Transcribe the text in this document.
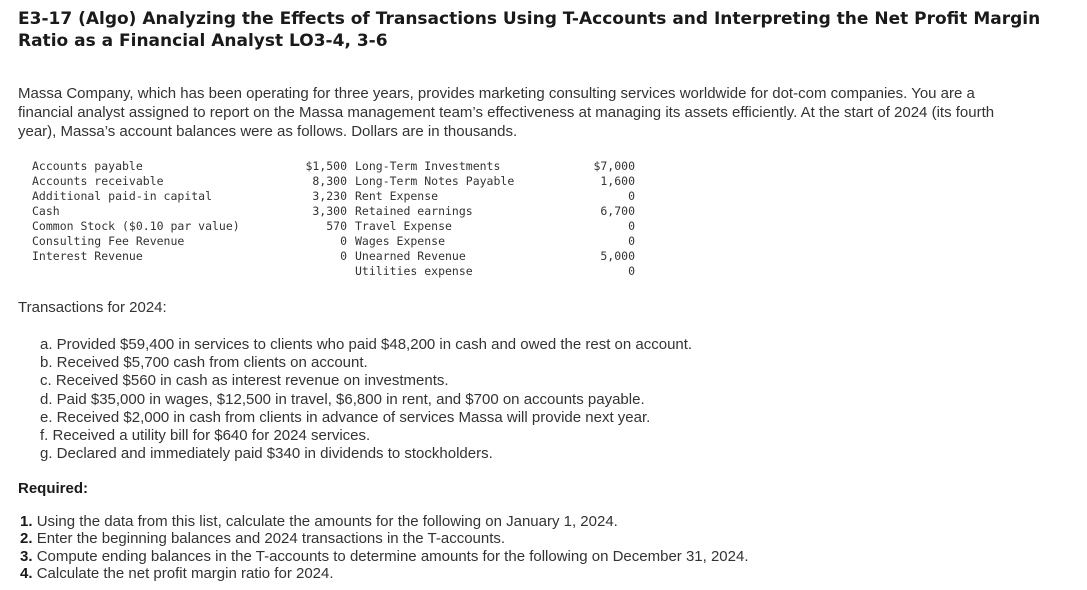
E3-17 (Algo) Analyzing the Effects of Transactions Using T-Accounts and Interpreting the Net Profit Margin Ratio as a Financial Analyst LO3-4, 3-6

Massa Company, which has been operating for three years, provides marketing consulting services worldwide for dot-com companies. You are a financial analyst assigned to report on the Massa management team’s effectiveness at managing its assets efficiently. At the start of 2024 (its fourth year), Massa’s account balances were as follows. Dollars are in thousands.

Accounts payable	$1,500	Long-Term Investments	$7,000
Accounts receivable	8,300	Long-Term Notes Payable	1,600
Additional paid-in capital	3,230	Rent Expense	0
Cash	3,300	Retained earnings	6,700
Common Stock ($0.10 par value)	570	Travel Expense	0
Consulting Fee Revenue	0	Wages Expense	0
Interest Revenue	0	Unearned Revenue	5,000
		Utilities expense	0

Transactions for 2024:

a. Provided $59,400 in services to clients who paid $48,200 in cash and owed the rest on account.
b. Received $5,700 cash from clients on account.
c. Received $560 in cash as interest revenue on investments.
d. Paid $35,000 in wages, $12,500 in travel, $6,800 in rent, and $700 on accounts payable.
e. Received $2,000 in cash from clients in advance of services Massa will provide next year.
f. Received a utility bill for $640 for 2024 services.
g. Declared and immediately paid $340 in dividends to stockholders.

Required:

1. Using the data from this list, calculate the amounts for the following on January 1, 2024.
2. Enter the beginning balances and 2024 transactions in the T-accounts.
3. Compute ending balances in the T-accounts to determine amounts for the following on December 31, 2024.
4. Calculate the net profit margin ratio for 2024.
